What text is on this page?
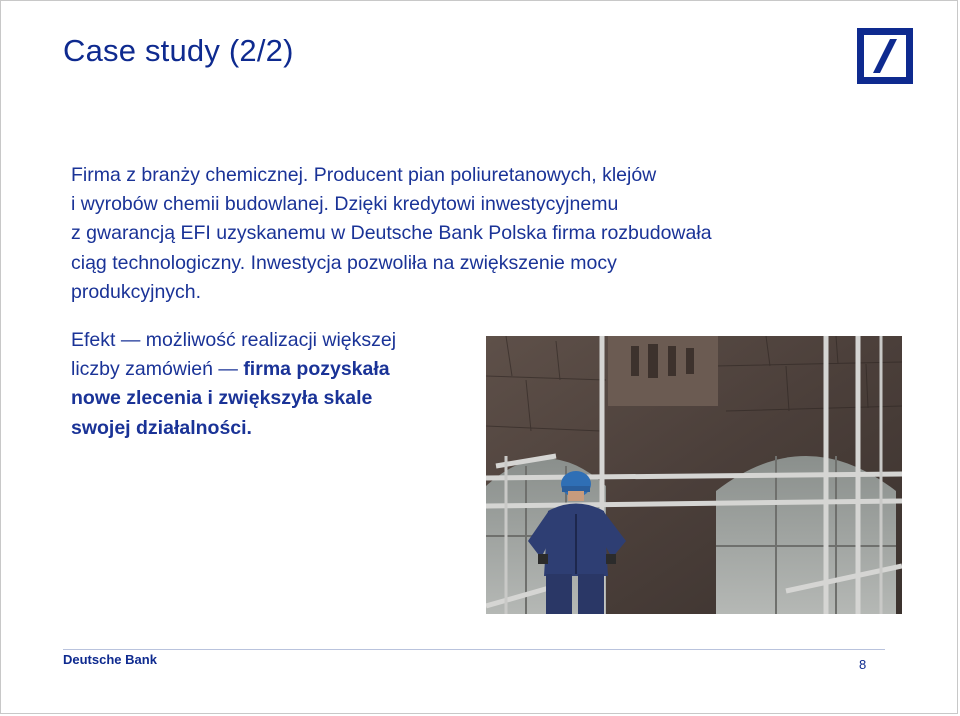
Case study (2/2)
Firma z branży chemicznej. Producent pian poliuretanowych, klejów
i wyrobów chemii budowlanej. Dzięki kredytowi inwestycyjnemu
z gwarancją EFI uzyskanemu w Deutsche Bank Polska firma rozbudowała
ciąg technologiczny. Inwestycja pozwoliła na zwiększenie mocy
produkcyjnych.
Efekt — możliwość realizacji większej
liczby zamówień — firma pozyskała
nowe zlecenia i zwiększyła skale
swojej działalności.
Deutsche Bank	8
